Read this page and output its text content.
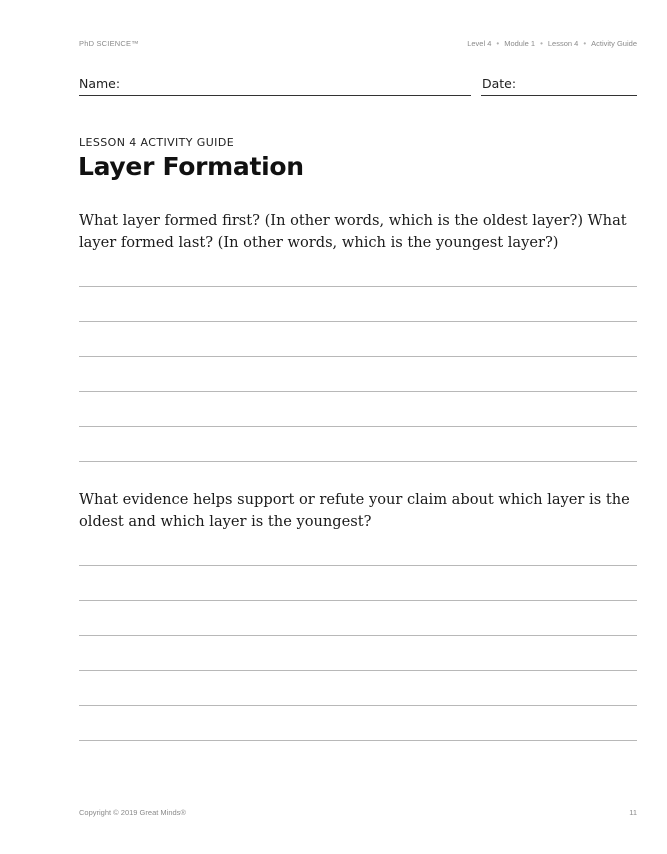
PhD SCIENCE™	Level 4 • Module 1 • Lesson 4 • Activity Guide
Name:	Date:
LESSON 4 ACTIVITY GUIDE
Layer Formation
What layer formed first? (In other words, which is the oldest layer?) What layer formed last? (In other words, which is the youngest layer?)
What evidence helps support or refute your claim about which layer is the oldest and which layer is the youngest?
Copyright © 2019 Great Minds®	11
